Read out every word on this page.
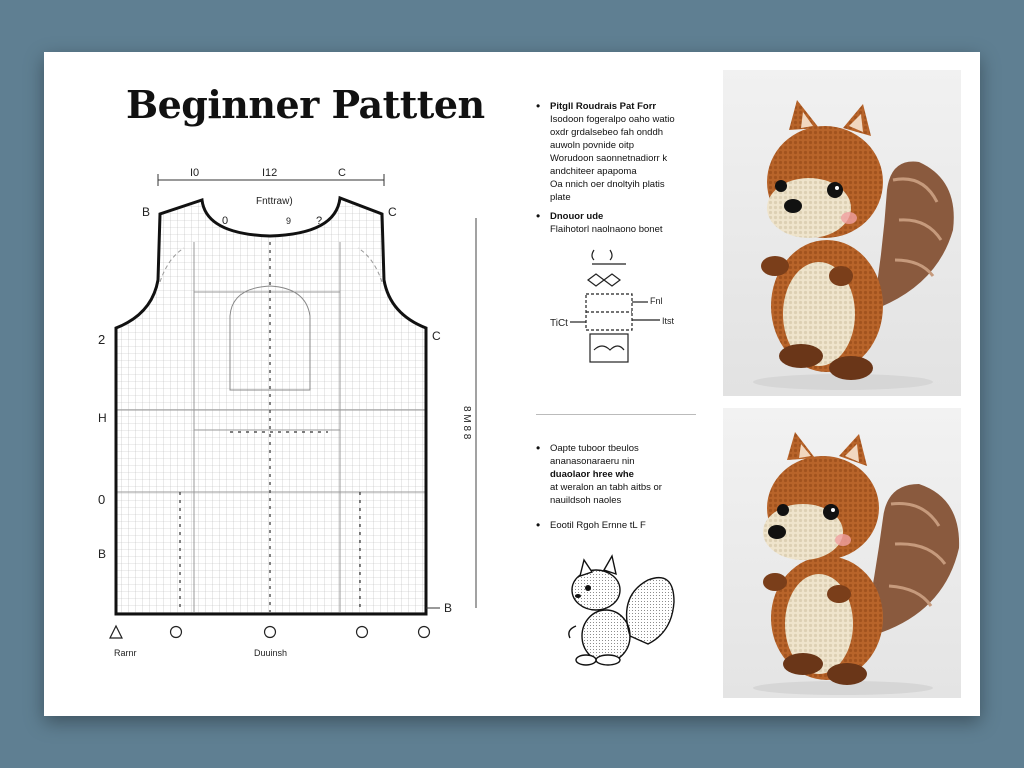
Beginner Pattten
I0	I12	C
Fnttraw)
0	9 ?
B	C
2	C
H
0
B
B
8 M 8 8
Rarnr	Duuinsh
• Pitgll Roudrais Pat Forr

Isodoon fogeralpo oaho watio

oxdr grdalsebeo fah onddh

auwoln povnide oitp

Worudoon saonnetnadiorr k

andchiteer apapoma

Oa nnich oer dnoltyih platis

plate

• Dnouor ude

Flaihotorl naolnaono bonet

TiCt
Fnl
Itst
• Oapte tuboor tbeulos

ananasonaraeru nin

duaolaor hree whe

at weralon an tabh aitbs or

nauildsoh naoles

• Eootil Rgoh Ernne tL F
